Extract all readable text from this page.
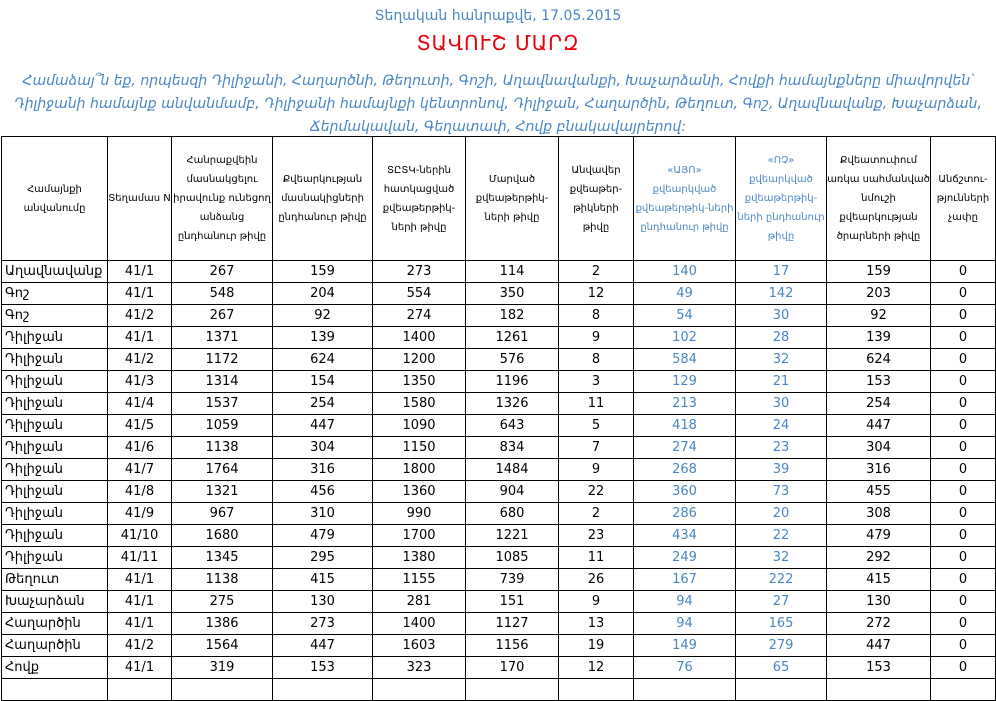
Տեղական հանրաքվե, 17.05.2015
ՏԱՎՈՒՇ ՄԱՐԶ
Համաձայ՞ն եք, որպեսզի Դիլիջանի, Հաղարծնի, Թեղուտի, Գոշի, Աղավնավանքի, Խաչարձանի, Հովքի համայնքները միավորվեն՝ Դիլիջանի համայնք անվանմամբ, Դիլիջանի համայնքի կենտրոնով, Դիլիջան, Հաղարծին, Թեղուտ, Գոշ, Աղավնավանք, Խաչարձան, Ճերմակավան, Գեղատափ, Հովք բնակավայրերով:
Համայնքի անվանումը	Տեղամաս N	Հանրաքվեին մասնակցելու իրավունք ունեցող անձանց ընդհանուր թիվը	Քվեարկության մասնակիցների ընդհանուր թիվը	ՏԸՏԿ-ներին հատկացված քվեաթերթիկ-ների թիվը	Մարված քվեաթերթիկ-ների թիվը	Անվավեր քվեաթեր-թիկների թիվը	«ԱՅՈ» քվեարկված քվեաթերթիկ-ների ընդհանուր թիվը	«ՈՉ» քվեարկված քվեաթերթիկ-ների ընդհանուր թիվը	Քվեատուփում առկա սահմանված նմուշի քվեարկության ծրարների թիվը	Անճշտու-թյունների չափը
Աղավնավանք	41/1	267	159	273	114	2	140	17	159	0
Գոշ	41/1	548	204	554	350	12	49	142	203	0
Գոշ	41/2	267	92	274	182	8	54	30	92	0
Դիլիջան	41/1	1371	139	1400	1261	9	102	28	139	0
Դիլիջան	41/2	1172	624	1200	576	8	584	32	624	0
Դիլիջան	41/3	1314	154	1350	1196	3	129	21	153	0
Դիլիջան	41/4	1537	254	1580	1326	11	213	30	254	0
Դիլիջան	41/5	1059	447	1090	643	5	418	24	447	0
Դիլիջան	41/6	1138	304	1150	834	7	274	23	304	0
Դիլիջան	41/7	1764	316	1800	1484	9	268	39	316	0
Դիլիջան	41/8	1321	456	1360	904	22	360	73	455	0
Դիլիջան	41/9	967	310	990	680	2	286	20	308	0
Դիլիջան	41/10	1680	479	1700	1221	23	434	22	479	0
Դիլիջան	41/11	1345	295	1380	1085	11	249	32	292	0
Թեղուտ	41/1	1138	415	1155	739	26	167	222	415	0
Խաչարձան	41/1	275	130	281	151	9	94	27	130	0
Հաղարծին	41/1	1386	273	1400	1127	13	94	165	272	0
Հաղարծին	41/2	1564	447	1603	1156	19	149	279	447	0
Հովք	41/1	319	153	323	170	12	76	65	153	0
